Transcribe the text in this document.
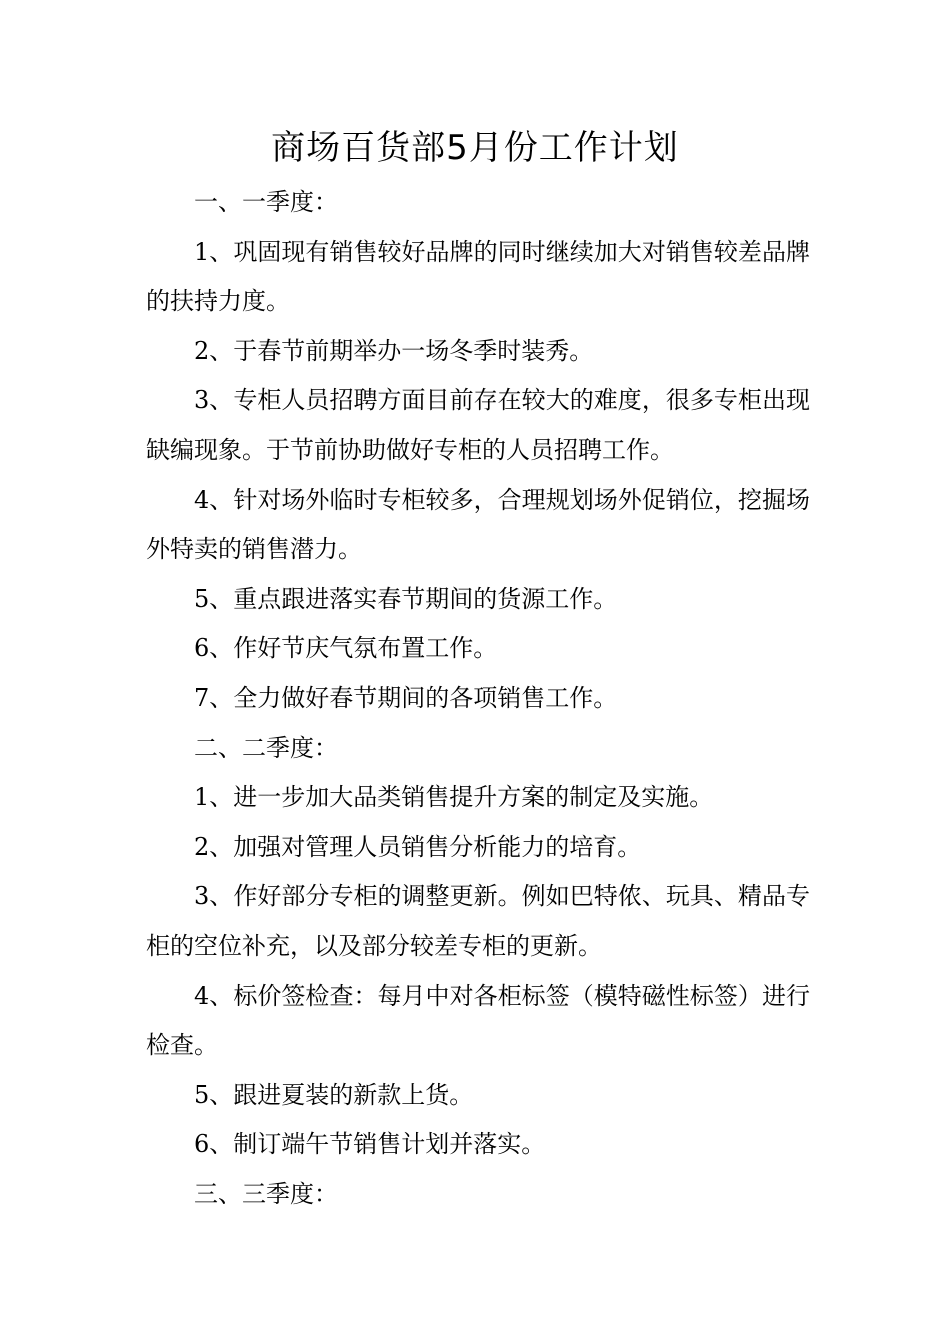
商场百货部5月份工作计划

一、一季度：

1、巩固现有销售较好品牌的同时继续加大对销售较差品牌的扶持力度。

2、于春节前期举办一场冬季时装秀。

3、专柜人员招聘方面目前存在较大的难度，很多专柜出现缺编现象。于节前协助做好专柜的人员招聘工作。

4、针对场外临时专柜较多，合理规划场外促销位，挖掘场外特卖的销售潜力。

5、重点跟进落实春节期间的货源工作。

6、作好节庆气氛布置工作。

7、全力做好春节期间的各项销售工作。

二、二季度：

1、进一步加大品类销售提升方案的制定及实施。

2、加强对管理人员销售分析能力的培育。

3、作好部分专柜的调整更新。例如巴特侬、玩具、精品专柜的空位补充，以及部分较差专柜的更新。

4、标价签检查：每月中对各柜标签（模特磁性标签）进行检查。

5、跟进夏装的新款上货。

6、制订端午节销售计划并落实。

三、三季度：
